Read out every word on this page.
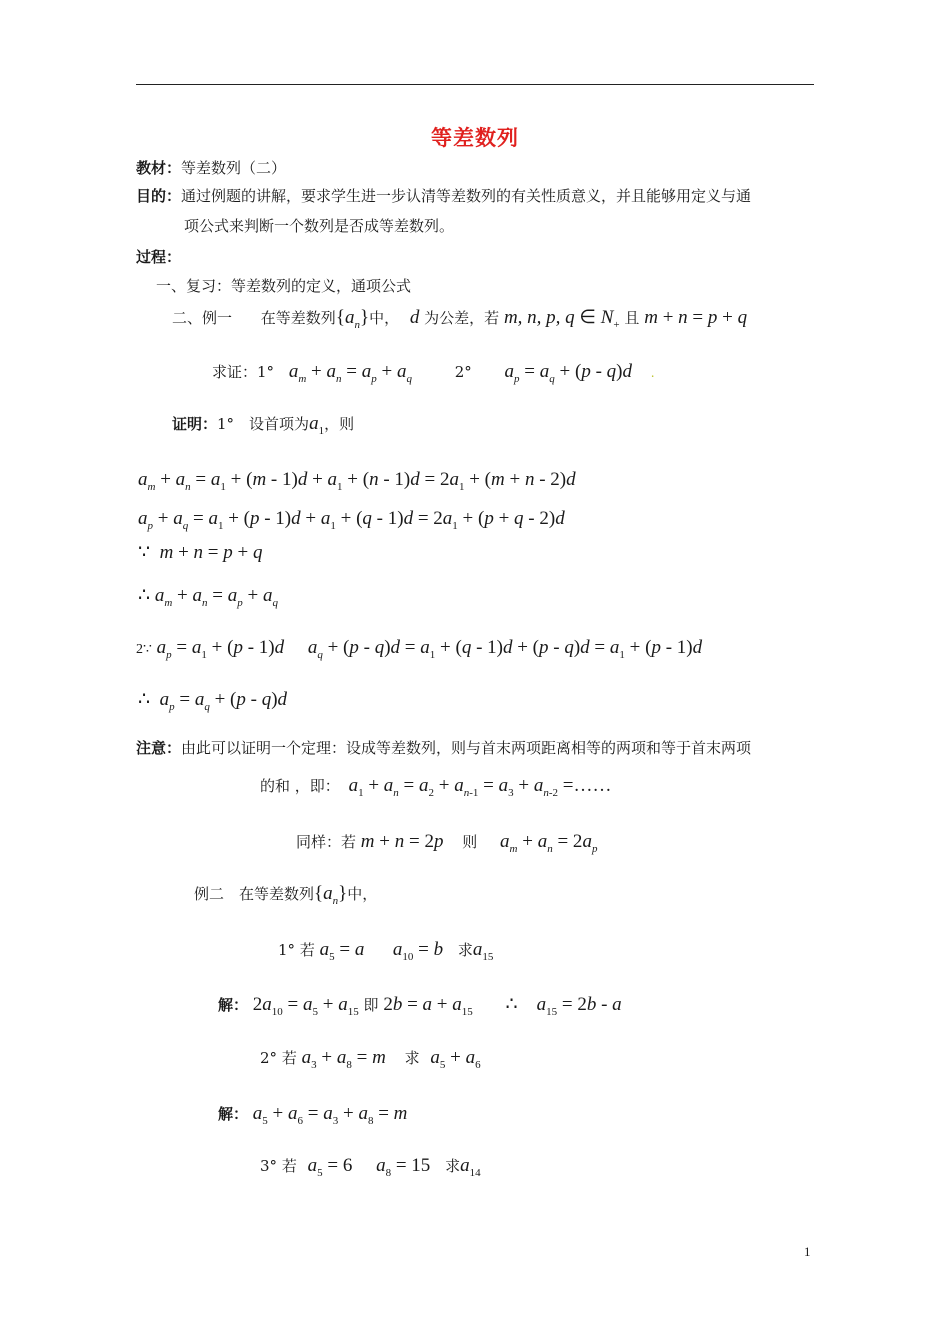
等差数列
教材：等差数列（二）
目的：通过例题的讲解，要求学生进一步认清等差数列的有关性质意义，并且能够用定义与通
项公式来判断一个数列是否成等差数列。
过程：
一、复习：等差数列的定义，通项公式
二、例一 在等差数列$\{a_n\}$中， d 为公差，若 m, n, p, q ∈ $N_+$ 且 m + n = p + q
求证：1° $a_m + a_n = a_p + a_q$	2° $a_p = a_q + (p - q)d$ .
证明：1°　设首项为$a_1$，则
$a_m + a_n = a_1 + (m - 1)d + a_1 + (n - 1)d = 2a_1 + (m + n - 2)d$
$a_p + a_q = a_1 + (p - 1)d + a_1 + (q - 1)d = 2a_1 + (p + q - 2)d$
∵  m + n = p + q
∴ $a_m + a_n = a_p + a_q$
2∵ $a_p = a_1 + (p - 1)d$     $a_q + (p - q)d = a_1 + (q - 1)d + (p - q)d = a_1 + (p - 1)d$
∴  $a_p = a_q + (p - q)d$
注意：由此可以证明一个定理：设成等差数列，则与首末两项距离相等的两项和等于首末两项
的和 ，即： $a_1 + a_n = a_2 + a_{n-1} = a_3 + a_{n-2}$ =……
同样：若 m + n = 2p 则 $a_m + a_n = 2a_p$
例二　在等差数列$\{a_n\}$中，
1° 若 $a_5 = a$      $a_{10} = b$ 求$a_{15}$
解： $2a_{10} = a_5 + a_{15}$ 即 $2b = a + a_{15}$ ∴    $a_{15} = 2b - a$
2° 若 $a_3 + a_8 = m$ 求 $a_5 + a_6$
解： $a_5 + a_6 = a_3 + a_8 = m$
3° 若 $a_5 = 6$     $a_8 = 15$ 求$a_{14}$
1
